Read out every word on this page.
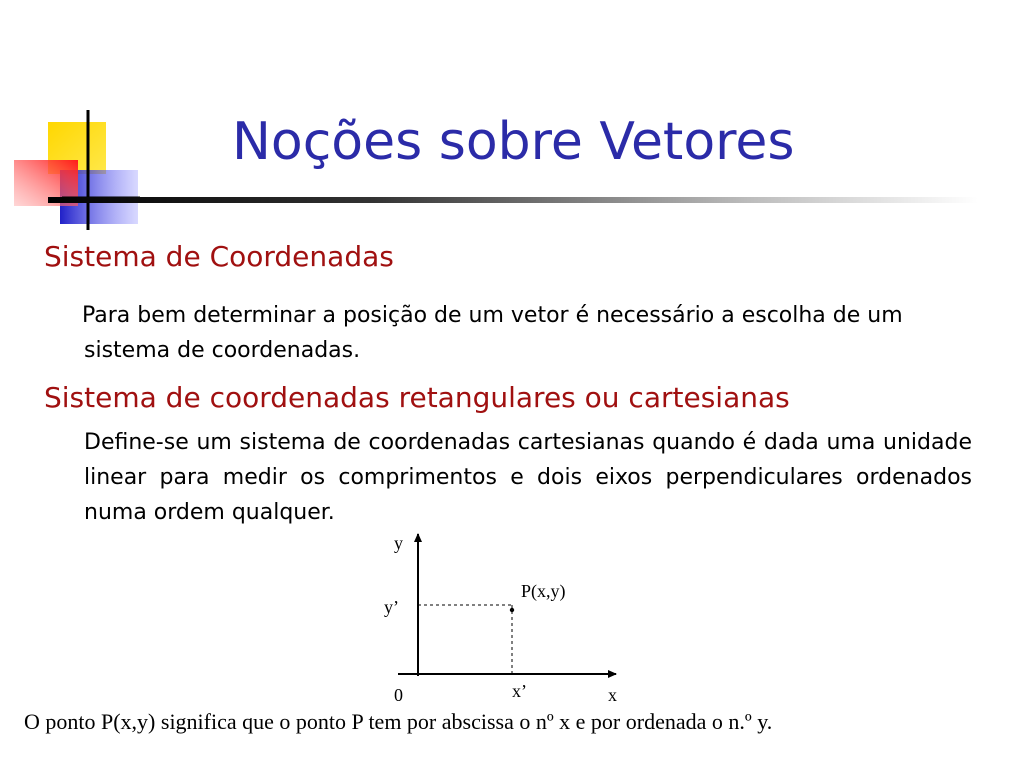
Noções sobre Vetores
Sistema de Coordenadas

Para bem determinar a posição de um vetor é necessário a escolha de um sistema de coordenadas.

Sistema de coordenadas retangulares ou cartesianas

Define-se um sistema de coordenadas cartesianas quando é dada uma unidade linear para medir os comprimentos e dois eixos perpendiculares ordenados numa ordem qualquer.

y
x
0
P(x,y)
x’
y’

O ponto P(x,y) significa que o ponto P tem por abscissa o nº x e por ordenada o n.º y.
